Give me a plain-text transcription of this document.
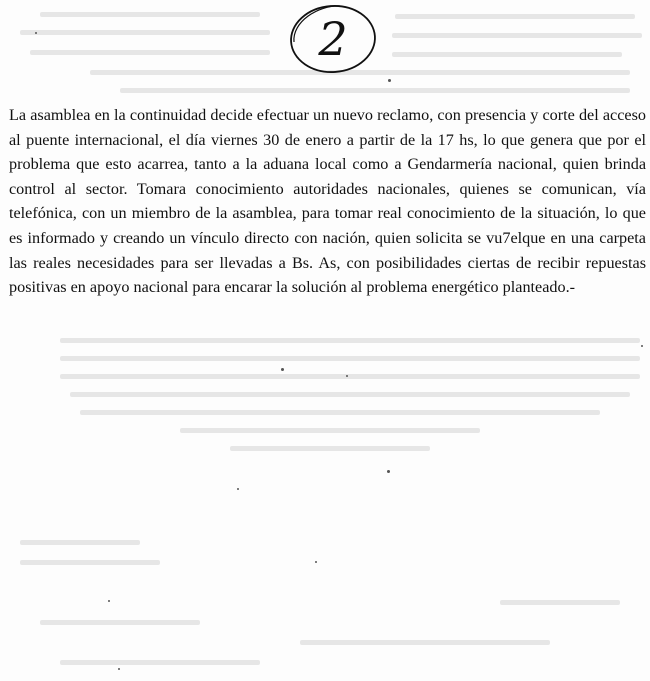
2

La asamblea en la continuidad decide efectuar un nuevo reclamo, con presencia y corte del acceso al puente internacional, el día viernes 30 de enero a partir de la 17 hs, lo que genera que por el problema que esto acarrea, tanto a la aduana local como a Gendarmería nacional, quien brinda control al sector. Tomara conocimiento autoridades nacionales, quienes se comunican, vía telefónica, con un miembro de la asamblea, para tomar real conocimiento de la situación, lo que es informado y creando un vínculo directo con nación, quien solicita se vu7elque en una carpeta las reales necesidades para ser llevadas a Bs. As, con posibilidades ciertas de recibir repuestas positivas en apoyo nacional para encarar la solución al problema energético planteado.-
